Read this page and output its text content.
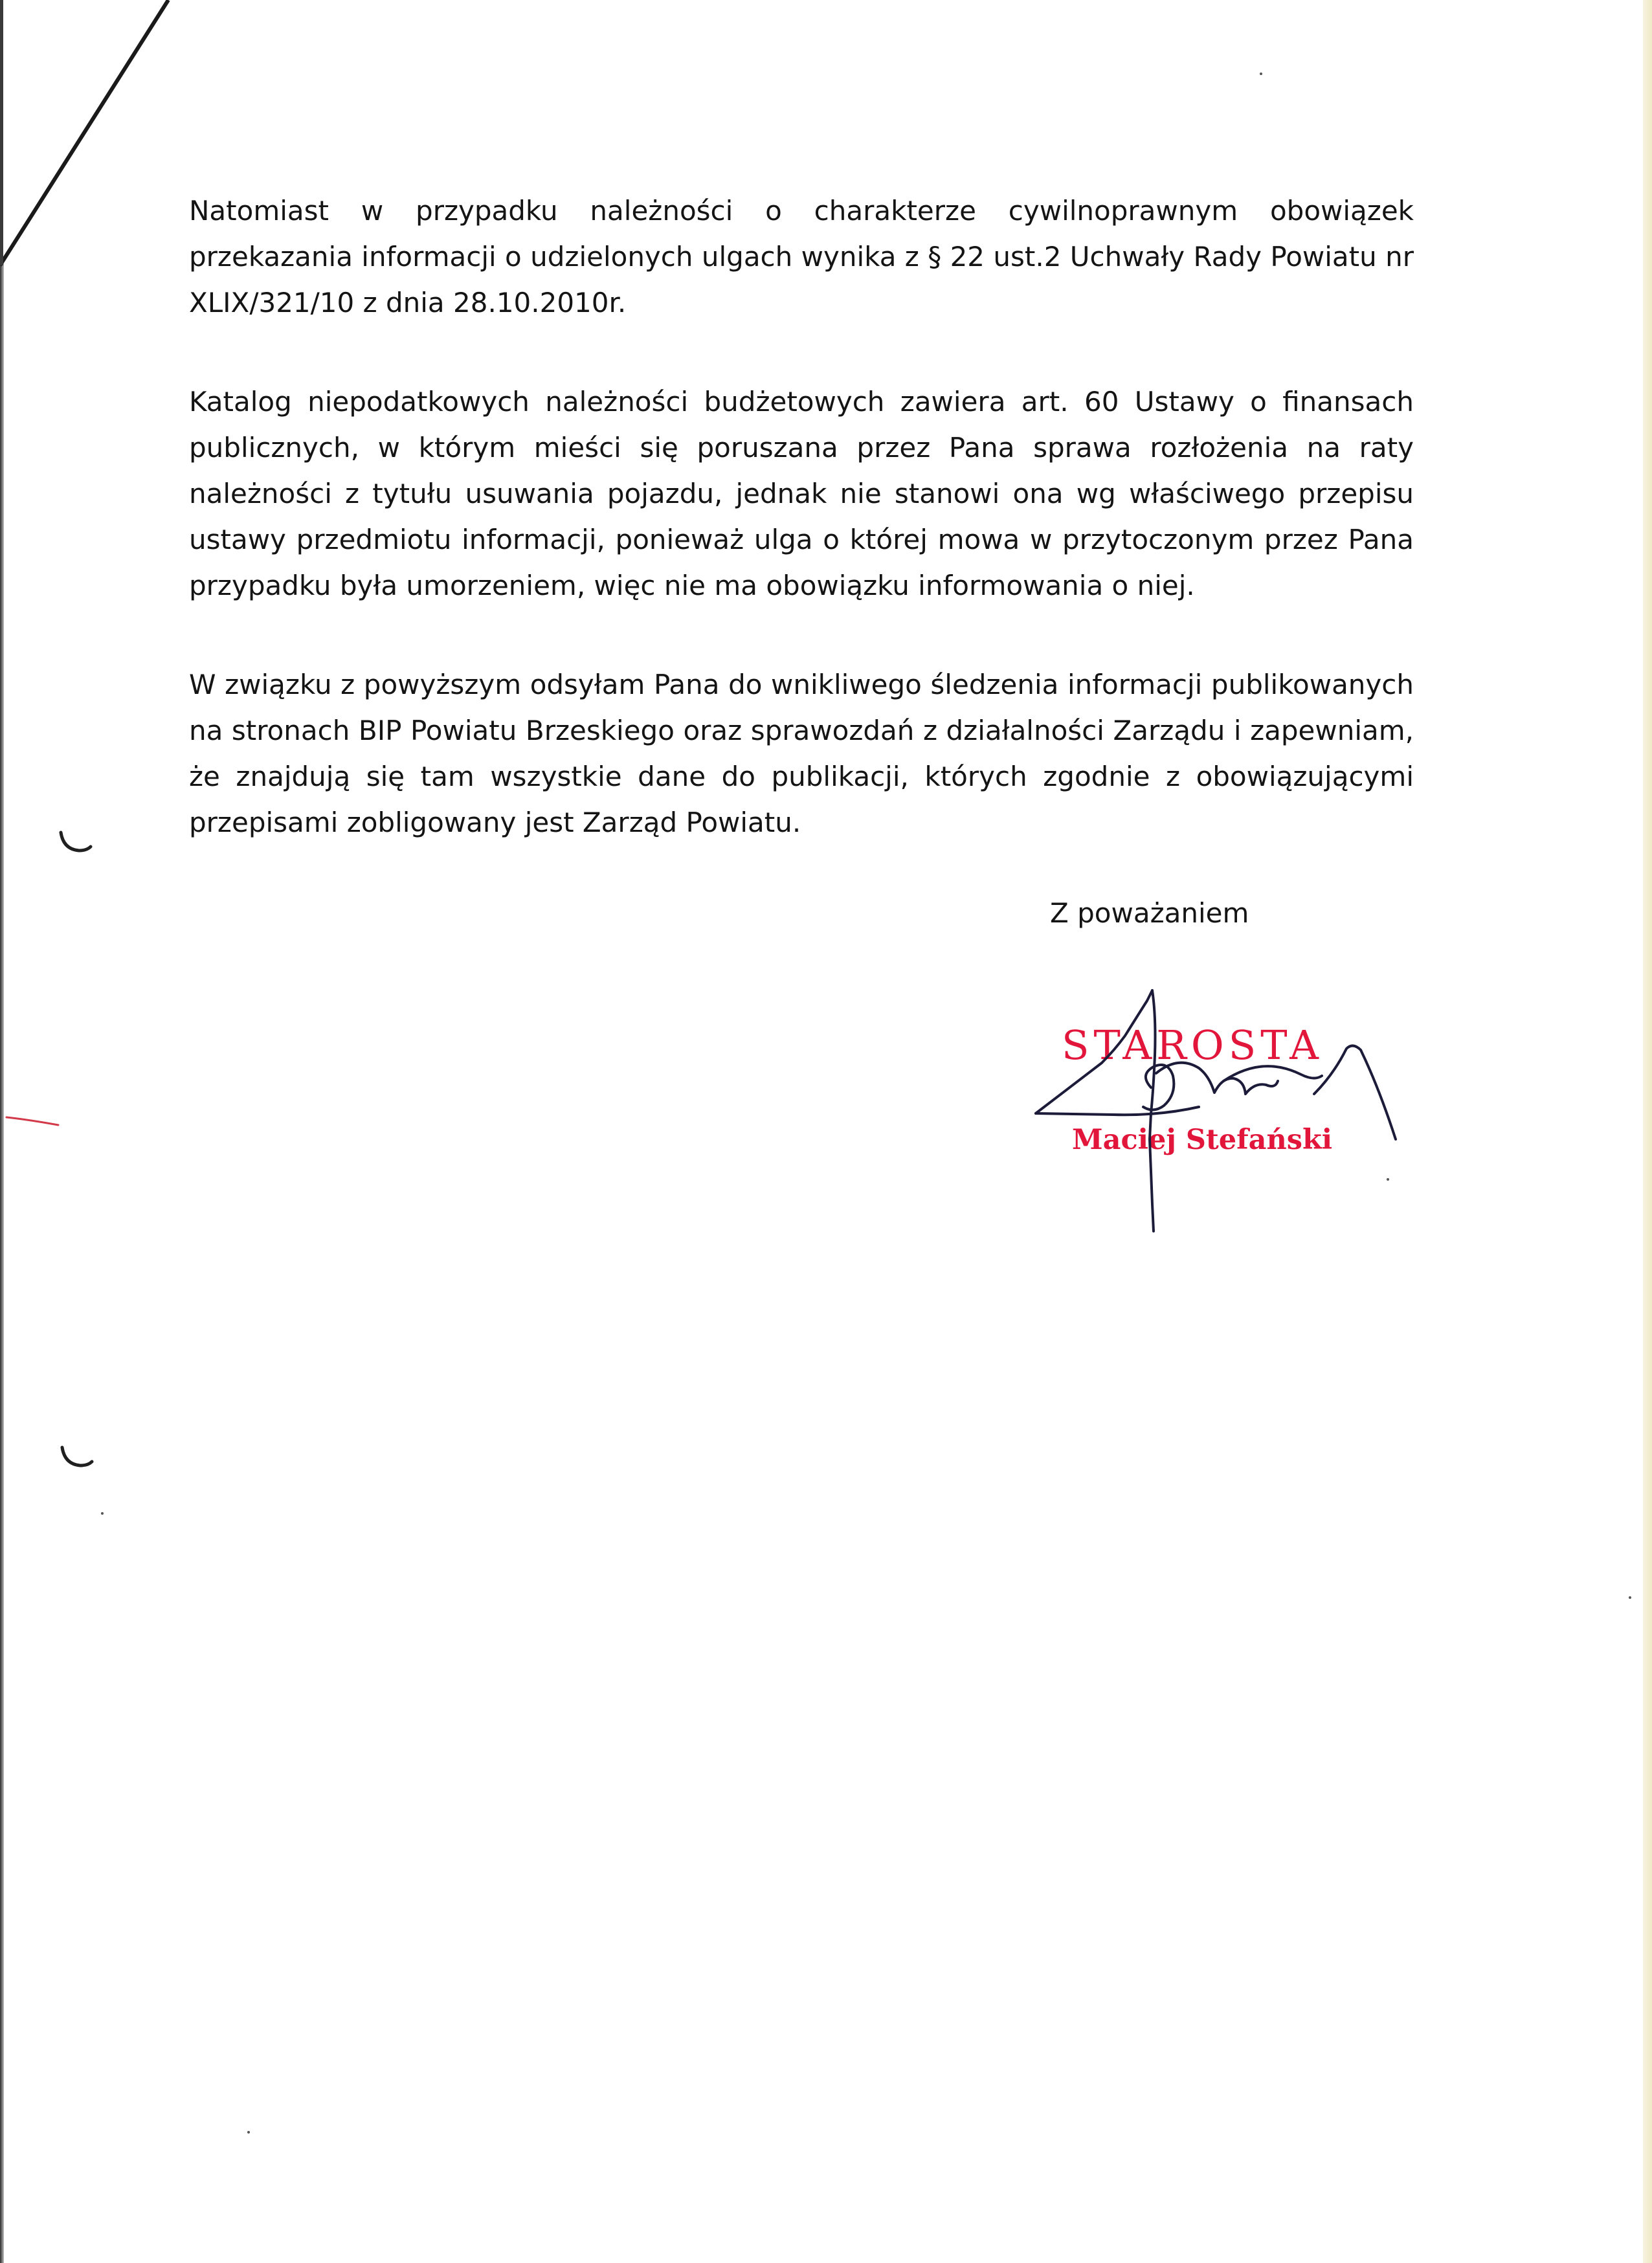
Natomiast w przypadku należności o charakterze cywilnoprawnym obowiązek przekazania informacji o udzielonych ulgach wynika z § 22 ust.2 Uchwały Rady Powiatu nr XLIX/321/10 z dnia 28.10.2010r.

Katalog niepodatkowych należności budżetowych zawiera art. 60 Ustawy o finansach publicznych, w którym mieści się poruszana przez Pana sprawa rozłożenia na raty należności z tytułu usuwania pojazdu, jednak nie stanowi ona wg właściwego przepisu ustawy przedmiotu informacji, ponieważ ulga o której mowa w przytoczonym przez Pana przypadku była umorzeniem, więc nie ma obowiązku informowania o niej.

W związku z powyższym odsyłam Pana do wnikliwego śledzenia informacji publikowanych na stronach BIP Powiatu Brzeskiego oraz sprawozdań z działalności Zarządu i zapewniam, że znajdują się tam wszystkie dane do publikacji, których zgodnie z obowiązującymi przepisami zobligowany jest Zarząd Powiatu.

Z poważaniem
STAROSTA
Maciej Stefański
